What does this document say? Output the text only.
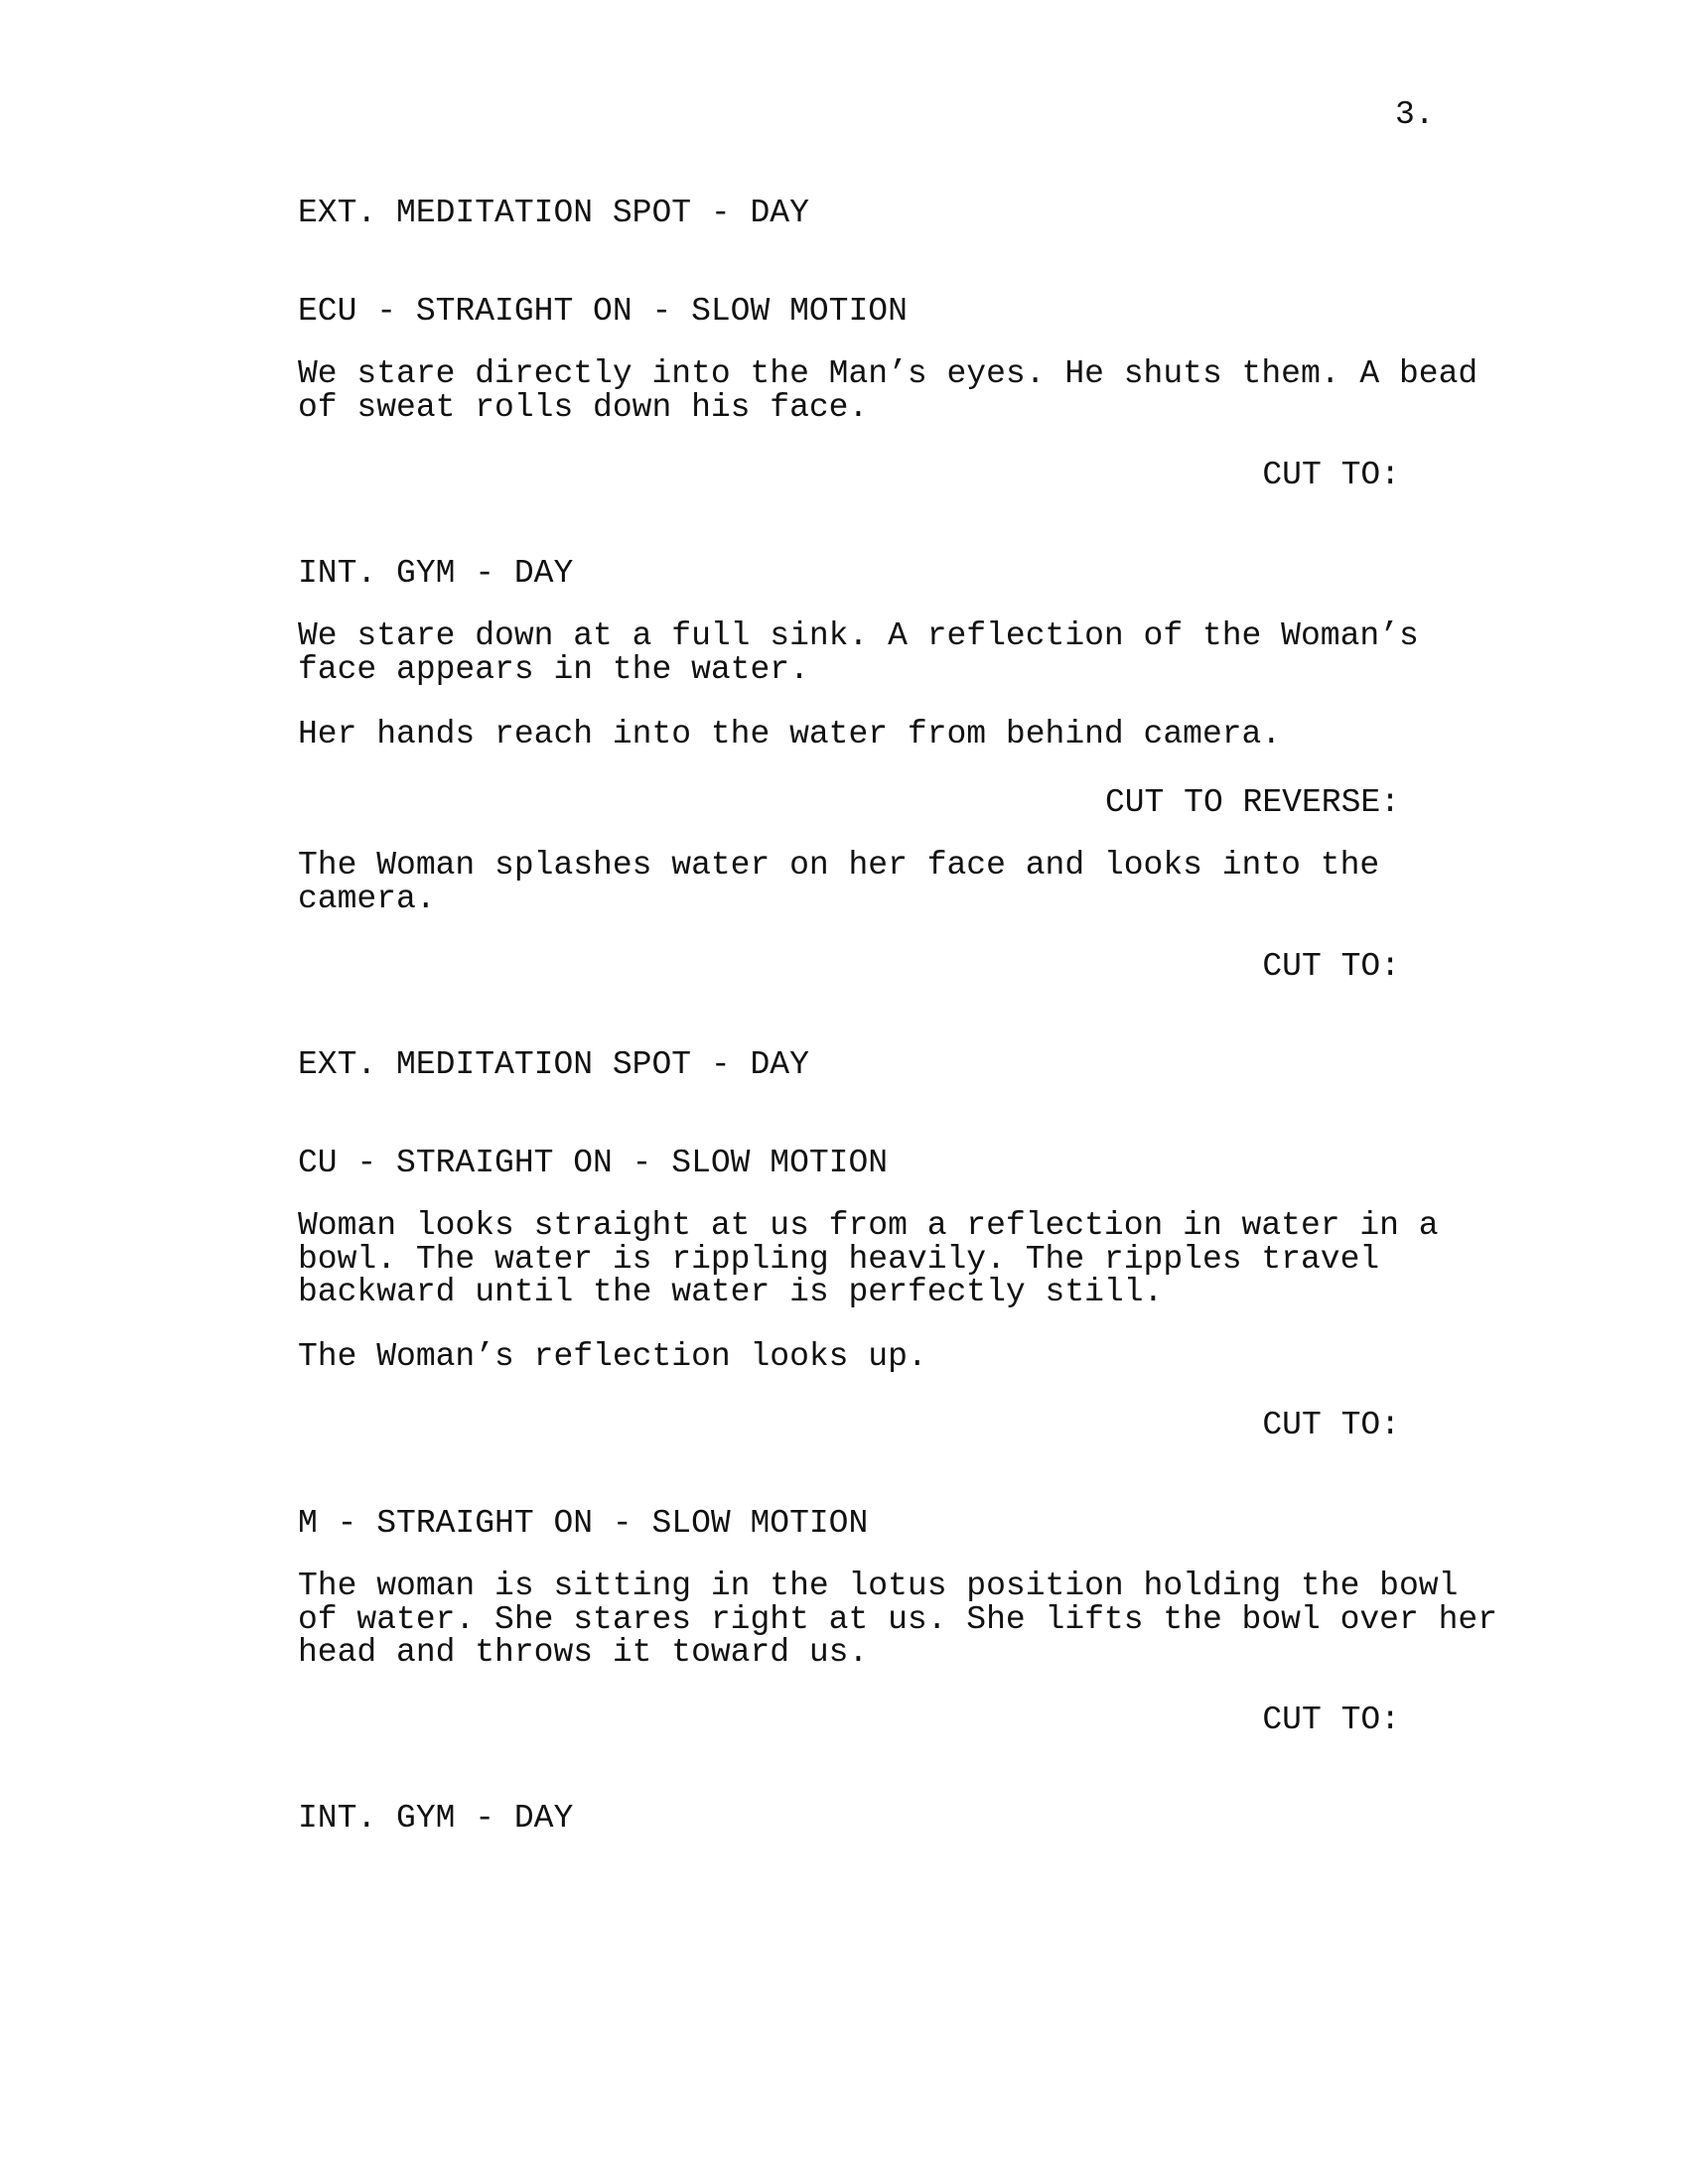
3.
EXT. MEDITATION SPOT - DAY
ECU - STRAIGHT ON - SLOW MOTION
We stare directly into the Man’s eyes. He shuts them. A bead
of sweat rolls down his face.
CUT TO:
INT. GYM - DAY
We stare down at a full sink. A reflection of the Woman’s
face appears in the water.
Her hands reach into the water from behind camera.
CUT TO REVERSE:
The Woman splashes water on her face and looks into the
camera.
CUT TO:
EXT. MEDITATION SPOT - DAY
CU - STRAIGHT ON - SLOW MOTION
Woman looks straight at us from a reflection in water in a
bowl. The water is rippling heavily. The ripples travel
backward until the water is perfectly still.
The Woman’s reflection looks up.
CUT TO:
M - STRAIGHT ON - SLOW MOTION
The woman is sitting in the lotus position holding the bowl
of water. She stares right at us. She lifts the bowl over her
head and throws it toward us.
CUT TO:
INT. GYM - DAY
